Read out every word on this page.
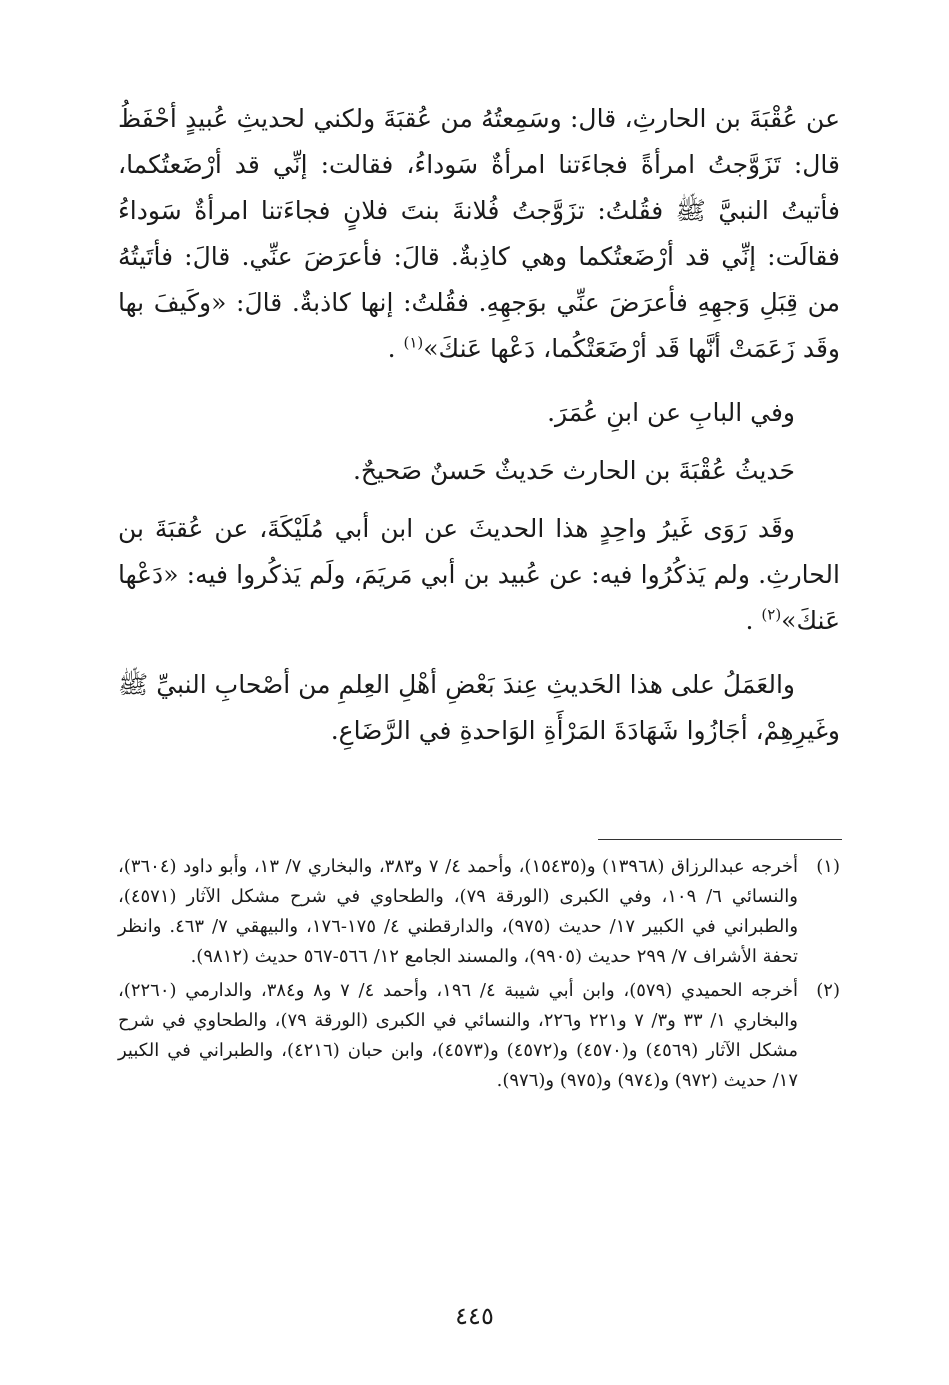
عن عُقْبَةَ بن الحارثِ، قال: وسَمِعتُهُ من عُقبَةَ ولكني لحديثِ عُبيدٍ أحْفَظُ قال: تَزَوَّجتُ امرأةً فجاءَتنا امرأةٌ سَوداءُ، فقالت: إنِّي قد أرْضَعتُكما، فأتيتُ النبيَّ ﷺ فقُلتُ: تزَوَّجتُ فُلانةَ بنتَ فلانٍ فجاءَتنا امرأةٌ سَوداءُ فقالَت: إنِّي قد أرْضَعتُكما وهي كاذِبةٌ. قالَ: فأعرَضَ عنِّي. قالَ: فأتَيتُهُ من قِبَلِ وَجهِهِ فأعرَضَ عنِّي بوَجهِهِ. فقُلتُ: إنها كاذبةٌ. قالَ: «وكَيفَ بها وقَد زَعَمَتْ أنَّها قَد أرْضَعَتْكُما، دَعْها عَنكَ»$^{(١)}$ .

وفي البابِ عن ابنِ عُمَرَ.

حَديثُ عُقْبَةَ بن الحارث حَديثٌ حَسنٌ صَحيحٌ.

وقَد رَوَى غَيرُ واحِدٍ هذا الحديثَ عن ابن أبي مُلَيْكَةَ، عن عُقبَةَ بن الحارثِ. ولم يَذكُرُوا فيه: عن عُبيد بن أبي مَريَمَ، ولَم يَذكُروا فيه: «دَعْها عَنكَ»$^{(٢)}$ .

والعَمَلُ على هذا الحَديثِ عِندَ بَعْضِ أهْلِ العِلمِ من أصْحابِ النبيِّ ﷺ وغَيرِهِمْ، أجَازُوا شَهَادَةَ المَرْأَةِ الوَاحدةِ في الرَّضَاعِ.

(١)
أخرجه عبدالرزاق (١٣٩٦٨) و(١٥٤٣٥)، وأحمد ٤/ ٧ و٣٨٣، والبخاري ٧/ ١٣، وأبو داود (٣٦٠٤)، والنسائي ٦/ ١٠٩، وفي الكبرى (الورقة ٧٩)، والطحاوي في شرح مشكل الآثار (٤٥٧١)، والطبراني في الكبير ١٧/ حديث (٩٧٥)، والدارقطني ٤/ ١٧٥-١٧٦، والبيهقي ٧/ ٤٦٣. وانظر تحفة الأشراف ٧/ ٢٩٩ حديث (٩٩٠٥)، والمسند الجامع ١٢/ ٥٦٦-٥٦٧ حديث (٩٨١٢).
(٢)
أخرجه الحميدي (٥٧٩)، وابن أبي شيبة ٤/ ١٩٦، وأحمد ٤/ ٧ و٨ و٣٨٤، والدارمي (٢٢٦٠)، والبخاري ١/ ٣٣ و٣/ ٧ و٢٢١ و٢٢٦، والنسائي في الكبرى (الورقة ٧٩)، والطحاوي في شرح مشكل الآثار (٤٥٦٩) و(٤٥٧٠) و(٤٥٧٢) و(٤٥٧٣)، وابن حبان (٤٢١٦)، والطبراني في الكبير ١٧/ حديث (٩٧٢) و(٩٧٤) و(٩٧٥) و(٩٧٦).
٤٤٥
